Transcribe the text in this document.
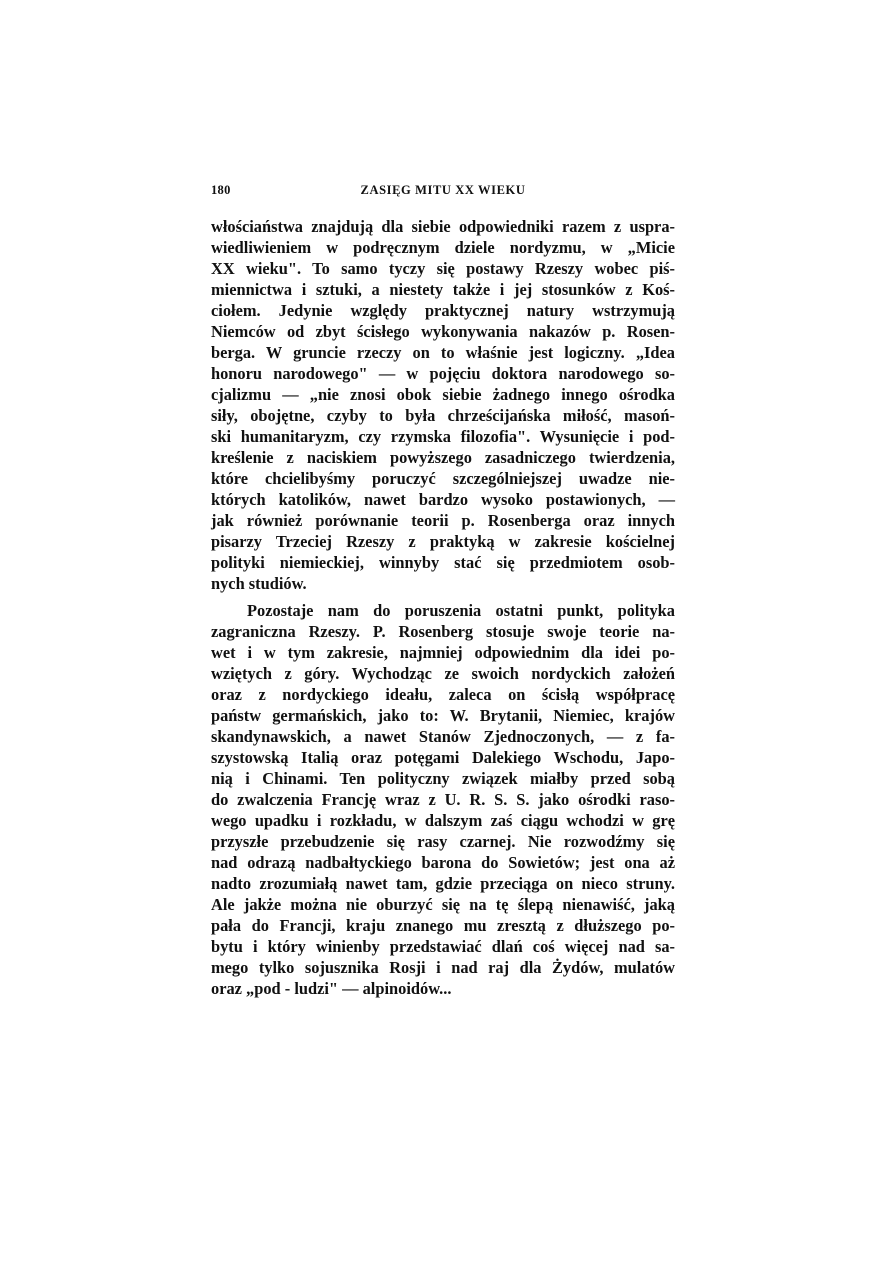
180	ZASIĘG MITU XX WIEKU
włościaństwa znajdują dla siebie odpowiedniki razem z uspra-
wiedliwieniem w podręcznym dziele nordyzmu, w „Micie
XX wieku". To samo tyczy się postawy Rzeszy wobec piś-
miennictwa i sztuki, a niestety także i jej stosunków z Koś-
ciołem. Jedynie względy praktycznej natury wstrzymują
Niemców od zbyt ścisłego wykonywania nakazów p. Rosen-
berga. W gruncie rzeczy on to właśnie jest logiczny. „Idea
honoru narodowego" — w pojęciu doktora narodowego so-
cjalizmu — „nie znosi obok siebie żadnego innego ośrodka
siły, obojętne, czyby to była chrześcijańska miłość, masoń-
ski humanitaryzm, czy rzymska filozofia". Wysunięcie i pod-
kreślenie z naciskiem powyższego zasadniczego twierdzenia,
które chcielibyśmy poruczyć szczególniejszej uwadze nie-
których katolików, nawet bardzo wysoko postawionych, —
jak również porównanie teorii p. Rosenberga oraz innych
pisarzy Trzeciej Rzeszy z praktyką w zakresie kościelnej
polityki niemieckiej, winnyby stać się przedmiotem osob-
nych studiów.
Pozostaje nam do poruszenia ostatni punkt, polityka
zagraniczna Rzeszy. P. Rosenberg stosuje swoje teorie na-
wet i w tym zakresie, najmniej odpowiednim dla idei po-
wziętych z góry. Wychodząc ze swoich nordyckich założeń
oraz z nordyckiego ideału, zaleca on ścisłą współpracę
państw germańskich, jako to: W. Brytanii, Niemiec, krajów
skandynawskich, a nawet Stanów Zjednoczonych, — z fa-
szystowską Italią oraz potęgami Dalekiego Wschodu, Japo-
nią i Chinami. Ten polityczny związek miałby przed sobą
do zwalczenia Francję wraz z U. R. S. S. jako ośrodki raso-
wego upadku i rozkładu, w dalszym zaś ciągu wchodzi w grę
przyszłe przebudzenie się rasy czarnej. Nie rozwodźmy się
nad odrazą nadbałtyckiego barona do Sowietów; jest ona aż
nadto zrozumiałą nawet tam, gdzie przeciąga on nieco struny.
Ale jakże można nie oburzyć się na tę ślepą nienawiść, jaką
pała do Francji, kraju znanego mu zresztą z dłuższego po-
bytu i który winienby przedstawiać dlań coś więcej nad sa-
mego tylko sojusznika Rosji i nad raj dla Żydów, mulatów
oraz „pod - ludzi" — alpinoidów...
